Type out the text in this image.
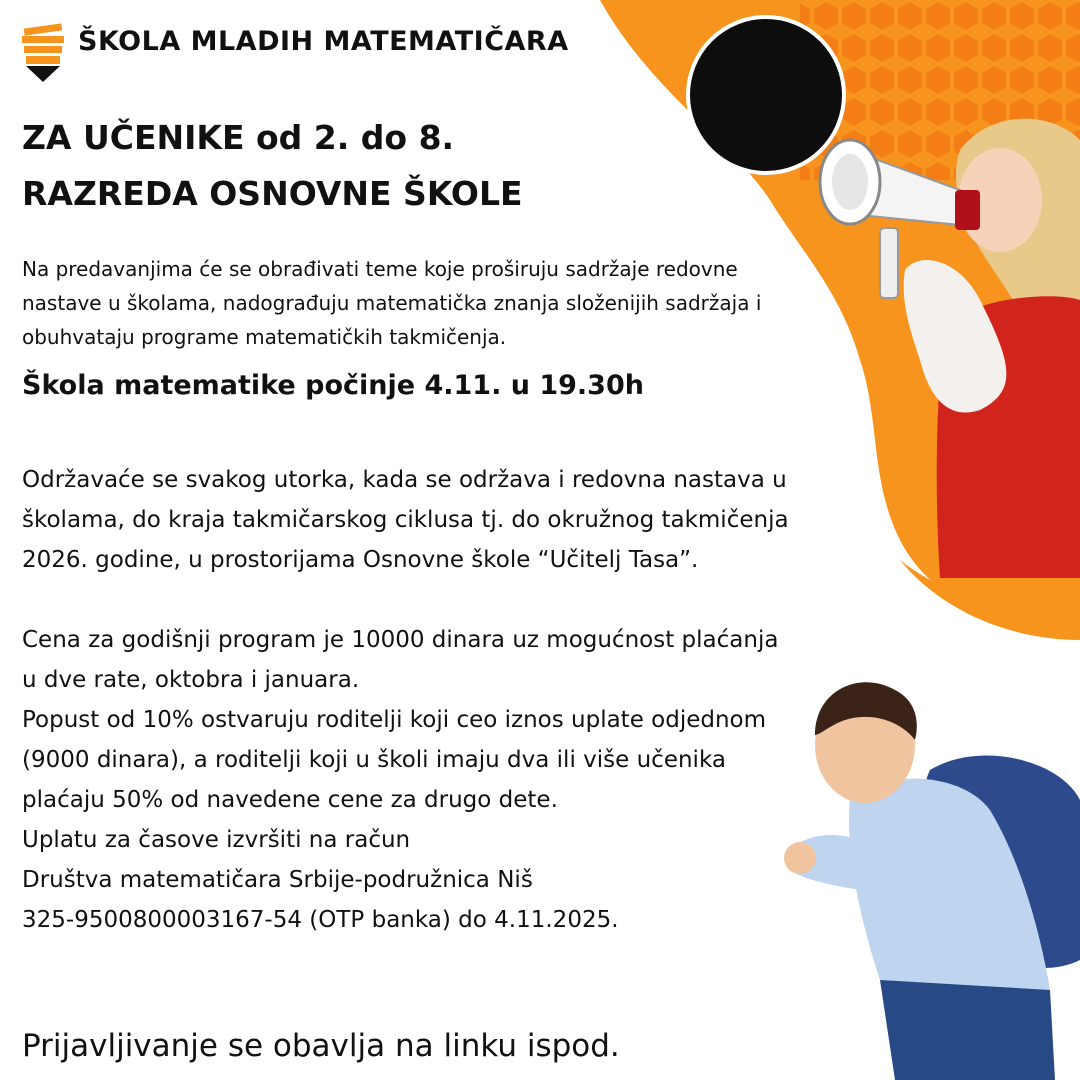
ŠKOLA MLADIH MATEMATIČARA
ZA UČENIKE od 2. do 8.
RAZREDA OSNOVNE ŠKOLE
Na predavanjima će se obrađivati teme koje proširuju sadržaje redovne
nastave u školama, nadograđuju matematička znanja složenijih sadržaja i
obuhvataju programe matematičkih takmičenja.
Škola matematike počinje 4.11. u 19.30h

Održavaće se svakog utorka, kada se održava i redovna nastava u

školama, do kraja takmičarskog ciklusa tj. do okružnog takmičenja

2026. godine, u prostorijama Osnovne škole “Učitelj Tasa”.

Cena za godišnji program je 10000 dinara uz mogućnost plaćanja

u dve rate, oktobra i januara.

Popust od 10% ostvaruju roditelji koji ceo iznos uplate odjednom

(9000 dinara), a roditelji koji u školi imaju dva ili više učenika

plaćaju 50% od navedene cene za drugo dete.

Uplatu za časove izvršiti na račun

Društva matematičara Srbije-podružnica Niš

325-9500800003167-54 (OTP banka) do 4.11.2025.

Prijavljivanje se obavlja na linku ispod.
